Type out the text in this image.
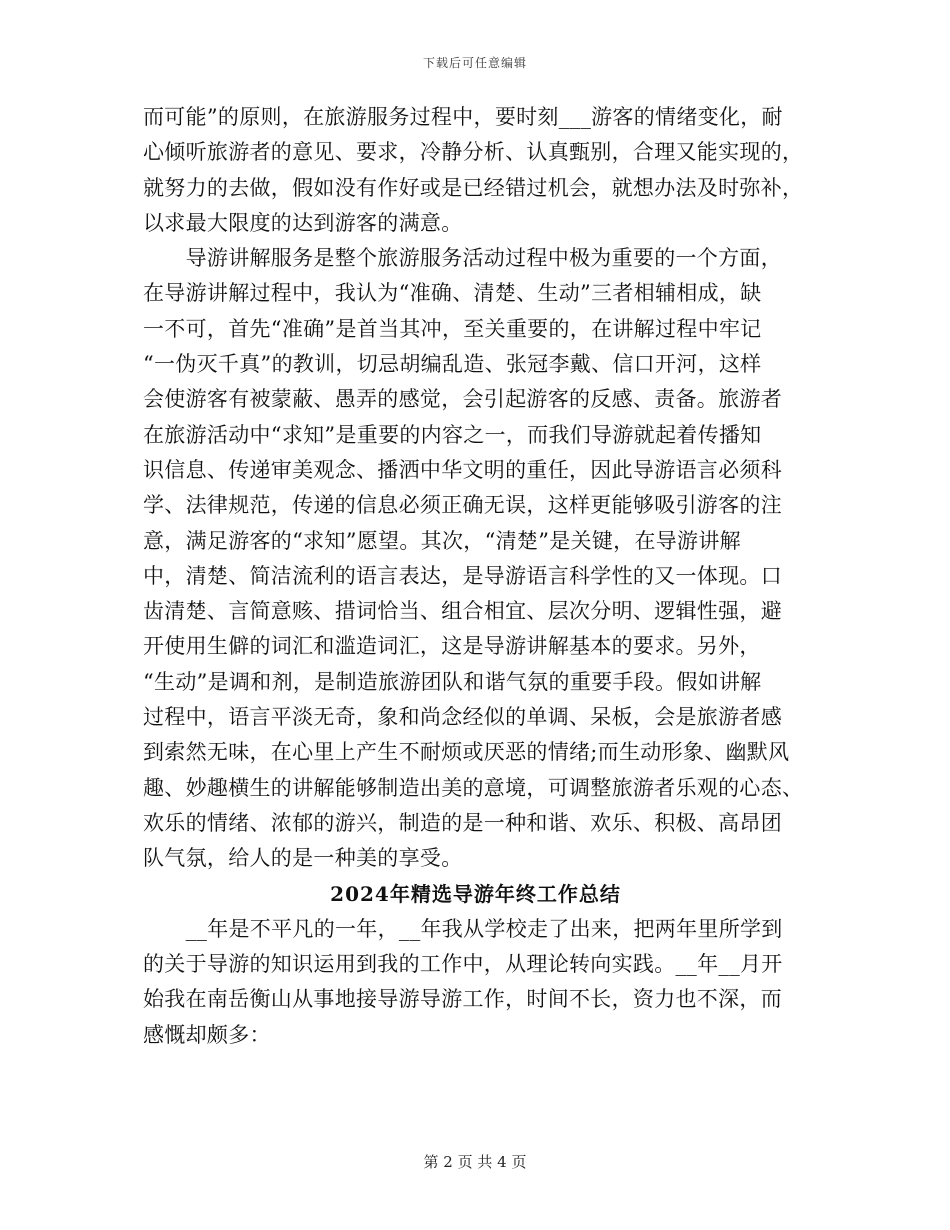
下载后可任意编辑

而可能”的原则，在旅游服务过程中，要时刻___游客的情绪变化，耐

心倾听旅游者的意见、要求，冷静分析、认真甄别，合理又能实现的，

就努力的去做，假如没有作好或是已经错过机会，就想办法及时弥补，

以求最大限度的达到游客的满意。

　　导游讲解服务是整个旅游服务活动过程中极为重要的一个方面，

在导游讲解过程中，我认为“准确、清楚、生动”三者相辅相成，缺

一不可，首先“准确”是首当其冲，至关重要的，在讲解过程中牢记

“一伪灭千真”的教训，切忌胡编乱造、张冠李戴、信口开河，这样

会使游客有被蒙蔽、愚弄的感觉，会引起游客的反感、责备。旅游者

在旅游活动中“求知”是重要的内容之一，而我们导游就起着传播知

识信息、传递审美观念、播洒中华文明的重任，因此导游语言必须科

学、法律规范，传递的信息必须正确无误，这样更能够吸引游客的注

意，满足游客的“求知”愿望。其次，“清楚”是关键，在导游讲解

中，清楚、简洁流利的语言表达，是导游语言科学性的又一体现。口

齿清楚、言简意赅、措词恰当、组合相宜、层次分明、逻辑性强，避

开使用生僻的词汇和滥造词汇，这是导游讲解基本的要求。另外，

“生动”是调和剂，是制造旅游团队和谐气氛的重要手段。假如讲解

过程中，语言平淡无奇，象和尚念经似的单调、呆板，会是旅游者感

到索然无味，在心里上产生不耐烦或厌恶的情绪;而生动形象、幽默风

趣、妙趣横生的讲解能够制造出美的意境，可调整旅游者乐观的心态、

欢乐的情绪、浓郁的游兴，制造的是一种和谐、欢乐、积极、高昂团

队气氛，给人的是一种美的享受。

2024年精选导游年终工作总结

　　__年是不平凡的一年，__年我从学校走了出来，把两年里所学到

的关于导游的知识运用到我的工作中，从理论转向实践。__年__月开

始我在南岳衡山从事地接导游导游工作，时间不长，资力也不深，而

感慨却颇多：

第 2 页 共 4 页
